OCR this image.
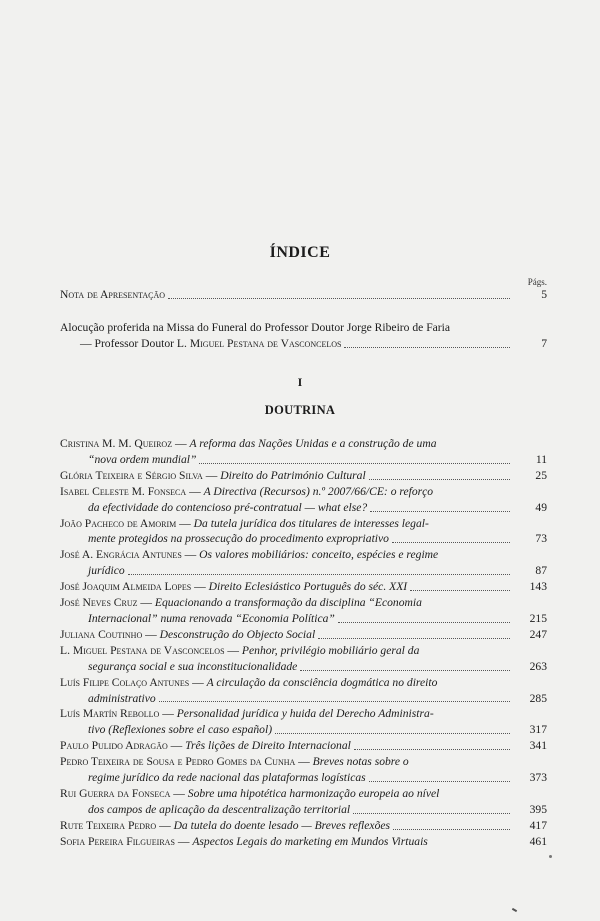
ÍNDICE
Págs.
Nota de Apresentação	5
Alocução proferida na Missa do Funeral do Professor Doutor Jorge Ribeiro de Faria
— Professor Doutor L. Miguel Pestana de Vasconcelos	7
I
DOUTRINA
Cristina M. M. Queiroz — A reforma das Nações Unidas e a construção de uma
“nova ordem mundial”	11
Glória Teixeira e Sérgio Silva — Direito do Património Cultural	25
Isabel Celeste M. Fonseca — A Directiva (Recursos) n.º 2007/66/CE: o reforço
da efectividade do contencioso pré-contratual — what else?	49
João Pacheco de Amorim — Da tutela jurídica dos titulares de interesses legal-
mente protegidos na prossecução do procedimento expropriativo	73
José A. Engrácia Antunes — Os valores mobiliários: conceito, espécies e regime
jurídico	87
José Joaquim Almeida Lopes — Direito Eclesiástico Português do séc. XXI	143
José Neves Cruz — Equacionando a transformação da disciplina “Economia
Internacional” numa renovada “Economia Política”	215
Juliana Coutinho — Desconstrução do Objecto Social	247
L. Miguel Pestana de Vasconcelos — Penhor, privilégio mobiliário geral da
segurança social e sua inconstitucionalidade	263
Luís Filipe Colaço Antunes — A circulação da consciência dogmática no direito
administrativo	285
Luís Martín Rebollo — Personalidad jurídica y huida del Derecho Administra-
tivo (Reflexiones sobre el caso español)	317
Paulo Pulido Adragão — Três lições de Direito Internacional	341
Pedro Teixeira de Sousa e Pedro Gomes da Cunha — Breves notas sobre o
regime jurídico da rede nacional das plataformas logísticas	373
Rui Guerra da Fonseca — Sobre uma hipotética harmonização europeia ao nível
dos campos de aplicação da descentralização territorial	395
Rute Teixeira Pedro — Da tutela do doente lesado — Breves reflexões	417
Sofia Pereira Filgueiras — Aspectos Legais do marketing em Mundos Virtuais	461
